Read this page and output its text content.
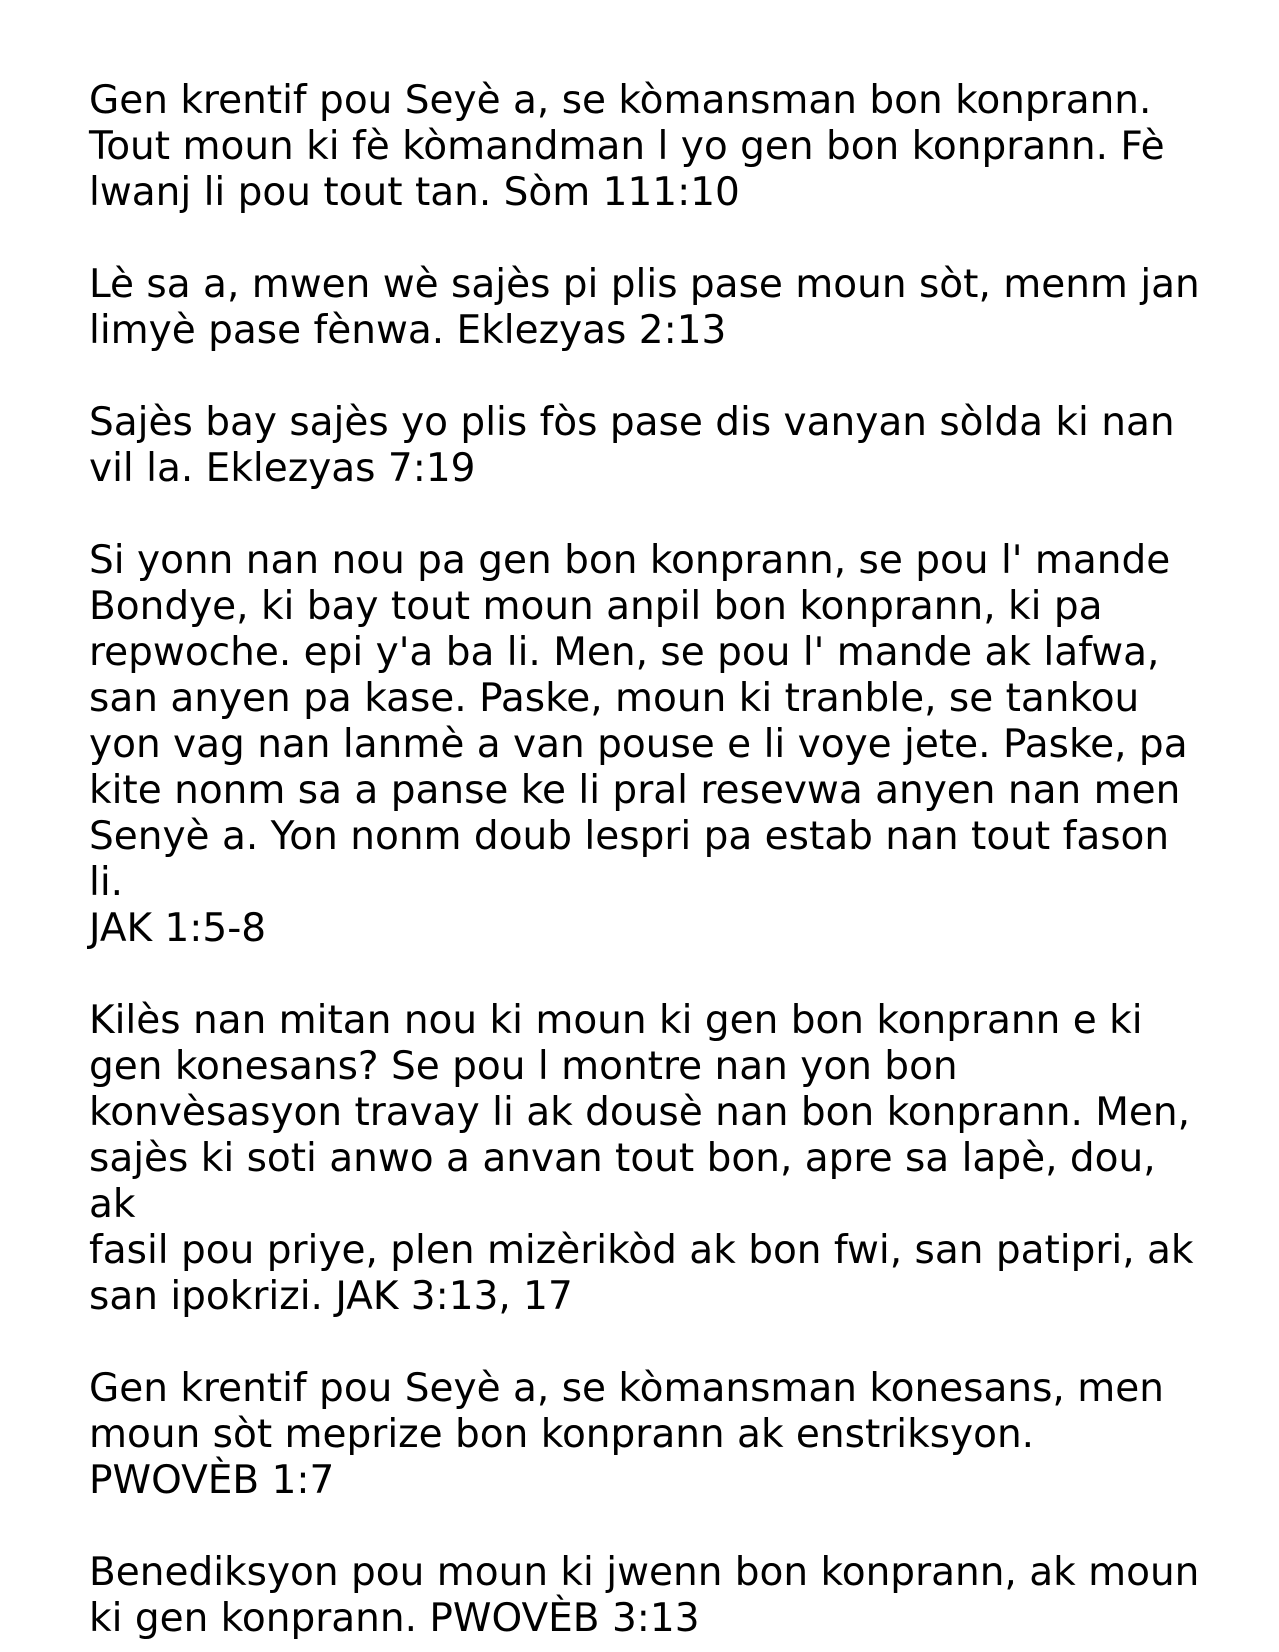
Gen krentif pou Seyè a, se kòmansman bon konprann.
Tout moun ki fè kòmandman l yo gen bon konprann. Fè
lwanj li pou tout tan. Sòm 111:10

Lè sa a, mwen wè sajès pi plis pase moun sòt, menm jan
limyè pase fènwa. Eklezyas 2:13

Sajès bay sajès yo plis fòs pase dis vanyan sòlda ki nan
vil la. Eklezyas 7:19

Si yonn nan nou pa gen bon konprann, se pou l' mande
Bondye, ki bay tout moun anpil bon konprann, ki pa
repwoche. epi y'a ba li. Men, se pou l' mande ak lafwa,
san anyen pa kase. Paske, moun ki tranble, se tankou
yon vag nan lanmè a van pouse e li voye jete. Paske, pa
kite nonm sa a panse ke li pral resevwa anyen nan men
Senyè a. Yon nonm doub lespri pa estab nan tout fason li.
JAK 1:5-8

Kilès nan mitan nou ki moun ki gen bon konprann e ki
gen konesans? Se pou l montre nan yon bon
konvèsasyon travay li ak dousè nan bon konprann. Men,
sajès ki soti anwo a anvan tout bon, apre sa lapè, dou, ak
fasil pou priye, plen mizèrikòd ak bon fwi, san patipri, ak
san ipokrizi. JAK 3:13, 17

Gen krentif pou Seyè a, se kòmansman konesans, men
moun sòt meprize bon konprann ak enstriksyon.
PWOVÈB 1:7

Benediksyon pou moun ki jwenn bon konprann, ak moun
ki gen konprann. PWOVÈB 3:13
